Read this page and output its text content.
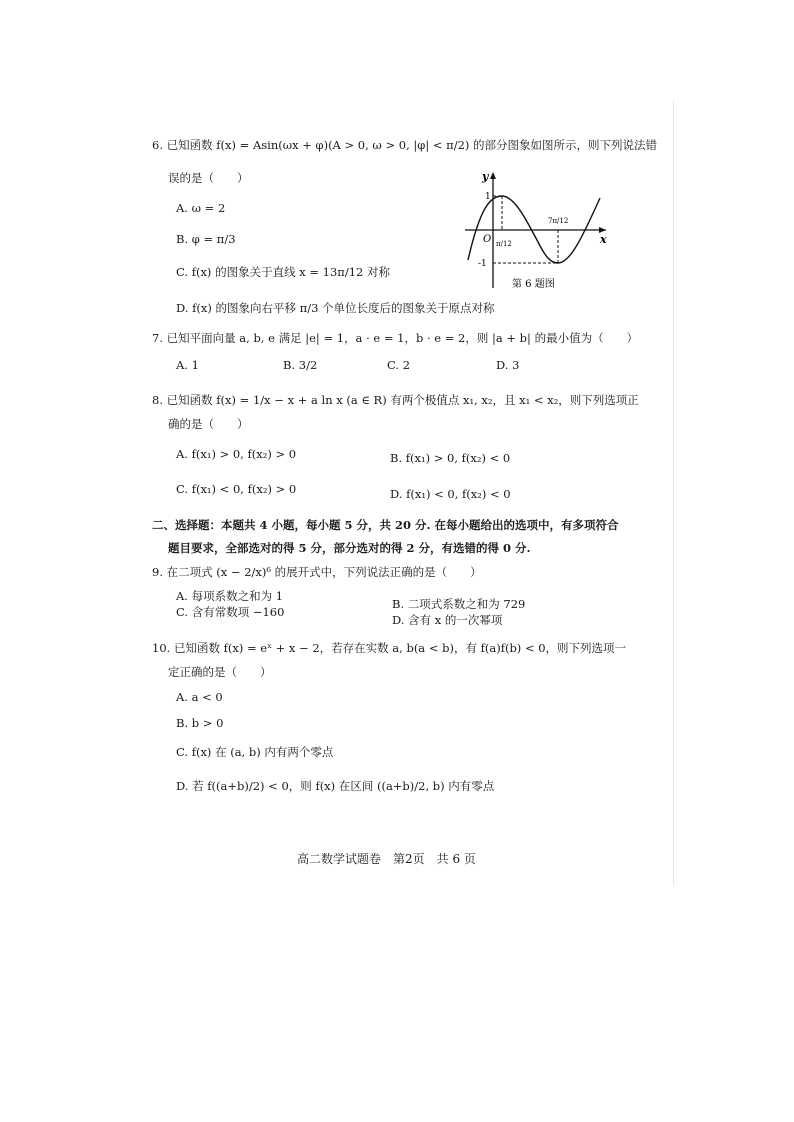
6. 已知函数 f(x) = Asin(ωx + φ)(A > 0, ω > 0, |φ| < π/2) 的部分图象如图所示，则下列说法错
误的是（　　）
A. ω = 2
B. φ = π/3
C. f(x) 的图象关于直线 x = 13π/12 对称
D. f(x) 的图象向右平移 π/3 个单位长度后的图象关于原点对称
y
x
O
1
-1
π/12
7π/12
第 6 题图
7. 已知平面向量 a, b, e 满足 |e| = 1，a · e = 1，b · e = 2，则 |a + b| 的最小值为（　　）
A. 1	B. 3/2	C. 2	D. 3
8. 已知函数 f(x) = 1/x − x + a ln x (a ∈ R) 有两个极值点 x₁, x₂，且 x₁ < x₂，则下列选项正
确的是（　　）
A. f(x₁) > 0, f(x₂) > 0	B. f(x₁) > 0, f(x₂) < 0
C. f(x₁) < 0, f(x₂) > 0	D. f(x₁) < 0, f(x₂) < 0
二、选择题：本题共 4 小题，每小题 5 分，共 20 分. 在每小题给出的选项中，有多项符合
题目要求，全部选对的得 5 分，部分选对的得 2 分，有选错的得 0 分.
9. 在二项式 (x − 2/x)⁶ 的展开式中，下列说法正确的是（　　）
A. 每项系数之和为 1
B. 二项式系数之和为 729
C. 含有常数项 −160
D. 含有 x 的一次幂项
10. 已知函数 f(x) = eˣ + x − 2，若存在实数 a, b(a < b)，有 f(a)f(b) < 0，则下列选项一
定正确的是（　　）
A. a < 0
B. b > 0
C. f(x) 在 (a, b) 内有两个零点
D. 若 f((a+b)/2) < 0，则 f(x) 在区间 ((a+b)/2, b) 内有零点
高二数学试题卷　第2页　共 6 页
